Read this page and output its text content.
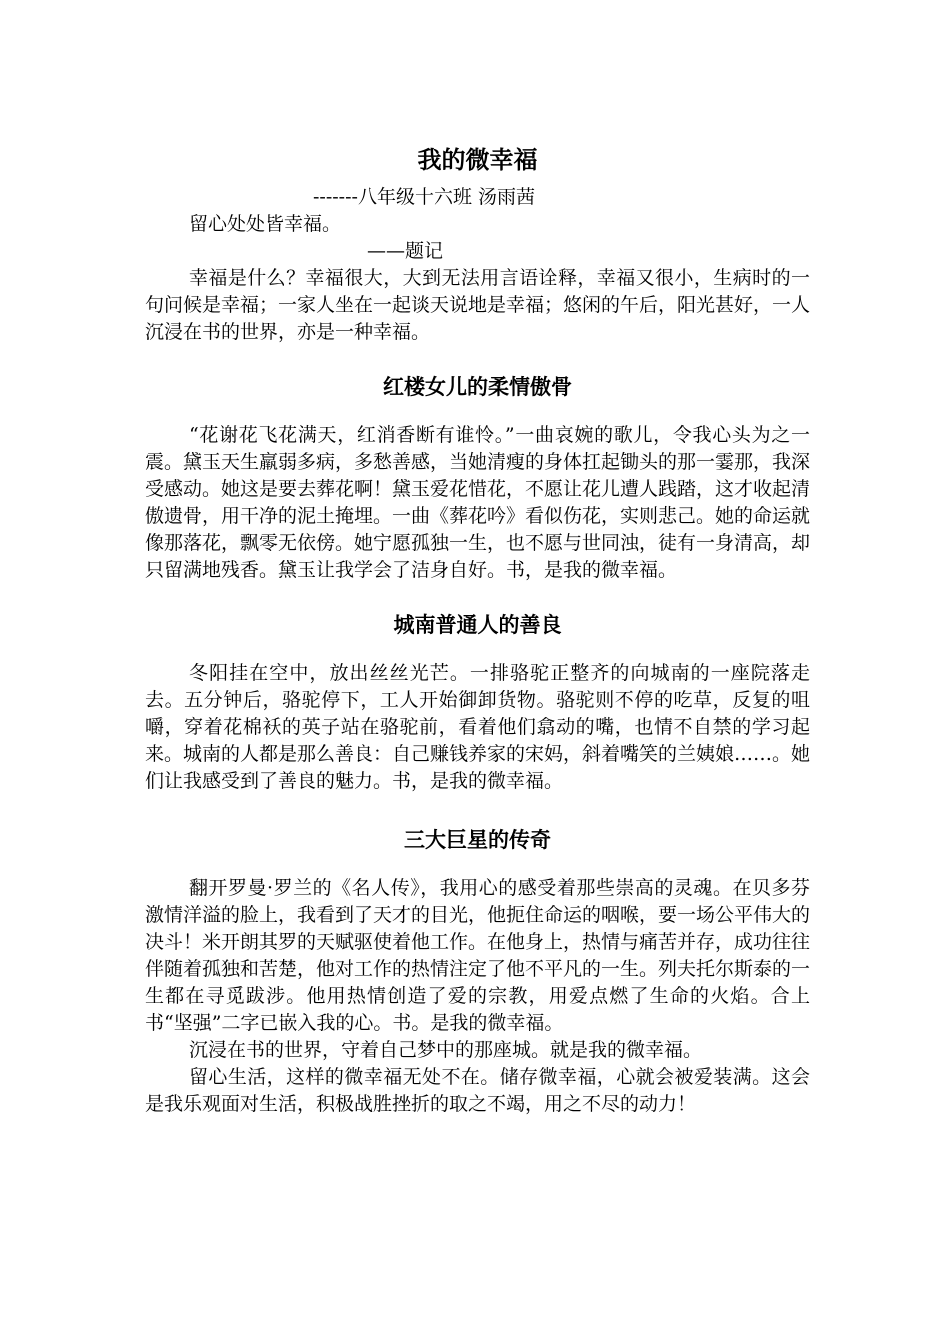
我的微幸福
-------八年级十六班 汤雨茜
留心处处皆幸福。
——题记

幸福是什么？幸福很大，大到无法用言语诠释，幸福又很小，生病时的一句问候是幸福；一家人坐在一起谈天说地是幸福；悠闲的午后，阳光甚好，一人沉浸在书的世界，亦是一种幸福。

红楼女儿的柔情傲骨

“花谢花飞花满天，红消香断有谁怜。”一曲哀婉的歌儿，令我心头为之一震。黛玉天生羸弱多病，多愁善感，当她清瘦的身体扛起锄头的那一霎那，我深受感动。她这是要去葬花啊！黛玉爱花惜花，不愿让花儿遭人践踏，这才收起清傲遗骨，用干净的泥土掩埋。一曲《葬花吟》看似伤花，实则悲己。她的命运就像那落花，飘零无依傍。她宁愿孤独一生，也不愿与世同浊，徒有一身清高，却只留满地残香。黛玉让我学会了洁身自好。书，是我的微幸福。

城南普通人的善良

冬阳挂在空中，放出丝丝光芒。一排骆驼正整齐的向城南的一座院落走去。五分钟后，骆驼停下，工人开始御卸货物。骆驼则不停的吃草，反复的咀嚼，穿着花棉袄的英子站在骆驼前，看着他们翕动的嘴，也情不自禁的学习起来。城南的人都是那么善良：自己赚钱养家的宋妈，斜着嘴笑的兰姨娘……。她们让我感受到了善良的魅力。书，是我的微幸福。

三大巨星的传奇

翻开罗曼·罗兰的《名人传》，我用心的感受着那些崇高的灵魂。在贝多芬激情洋溢的脸上，我看到了天才的目光，他扼住命运的咽喉，要一场公平伟大的决斗！米开朗其罗的天赋驱使着他工作。在他身上，热情与痛苦并存，成功往往伴随着孤独和苦楚，他对工作的热情注定了他不平凡的一生。列夫托尔斯泰的一生都在寻觅跋涉。他用热情创造了爱的宗教，用爱点燃了生命的火焰。合上书“坚强”二字已嵌入我的心。书。是我的微幸福。

沉浸在书的世界，守着自己梦中的那座城。就是我的微幸福。

留心生活，这样的微幸福无处不在。储存微幸福，心就会被爱装满。这会是我乐观面对生活，积极战胜挫折的取之不竭，用之不尽的动力！
